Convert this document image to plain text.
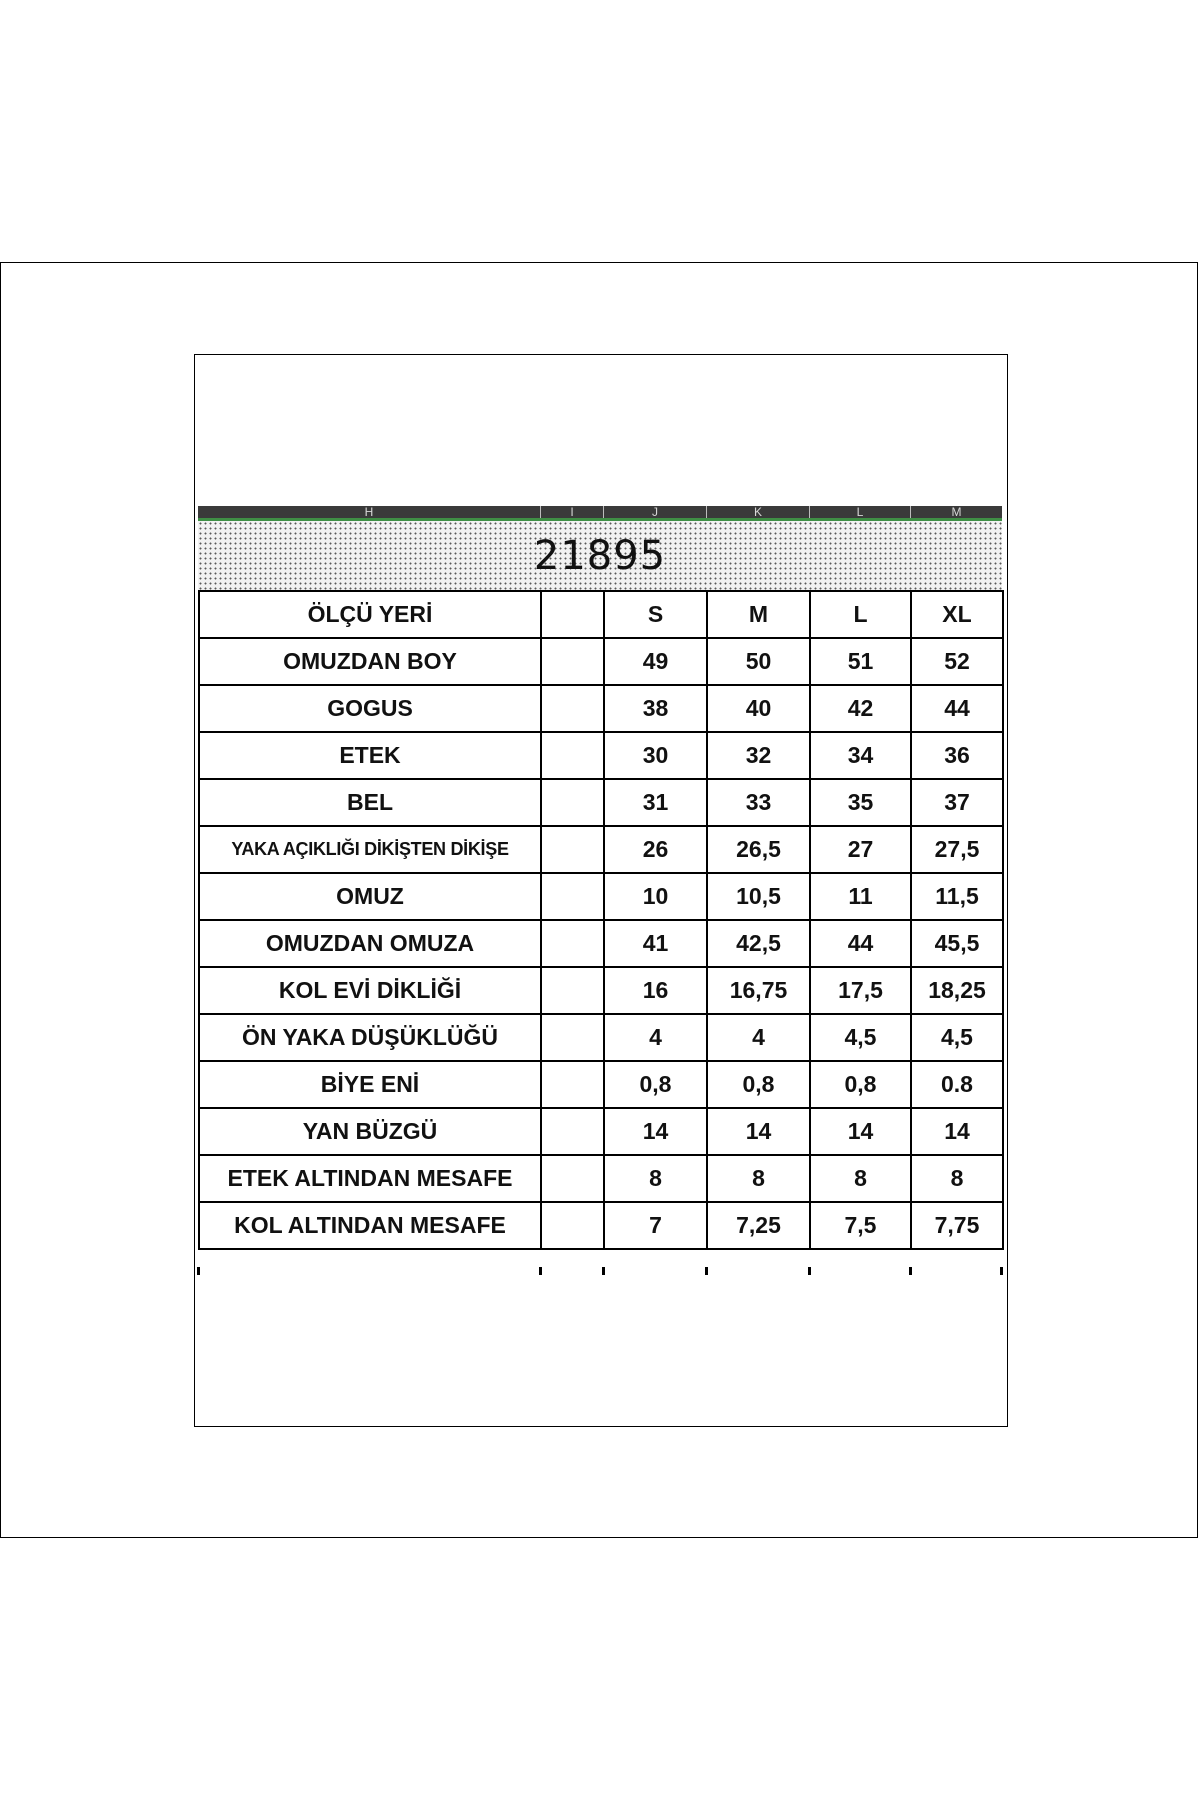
H	I	J	K	L	M
21895
ÖLÇÜ YERİ		S	M	L	XL
OMUZDAN BOY		49	50	51	52
GOGUS		38	40	42	44
ETEK		30	32	34	36
BEL		31	33	35	37
YAKA AÇIKLIĞI DİKİŞTEN DİKİŞE		26	26,5	27	27,5
OMUZ		10	10,5	11	11,5
OMUZDAN OMUZA		41	42,5	44	45,5
KOL EVİ DİKLİĞİ		16	16,75	17,5	18,25
ÖN YAKA DÜŞÜKLÜĞÜ		4	4	4,5	4,5
BİYE ENİ		0,8	0,8	0,8	0.8
YAN BÜZGÜ		14	14	14	14
ETEK ALTINDAN MESAFE		8	8	8	8
KOL ALTINDAN MESAFE		7	7,25	7,5	7,75
